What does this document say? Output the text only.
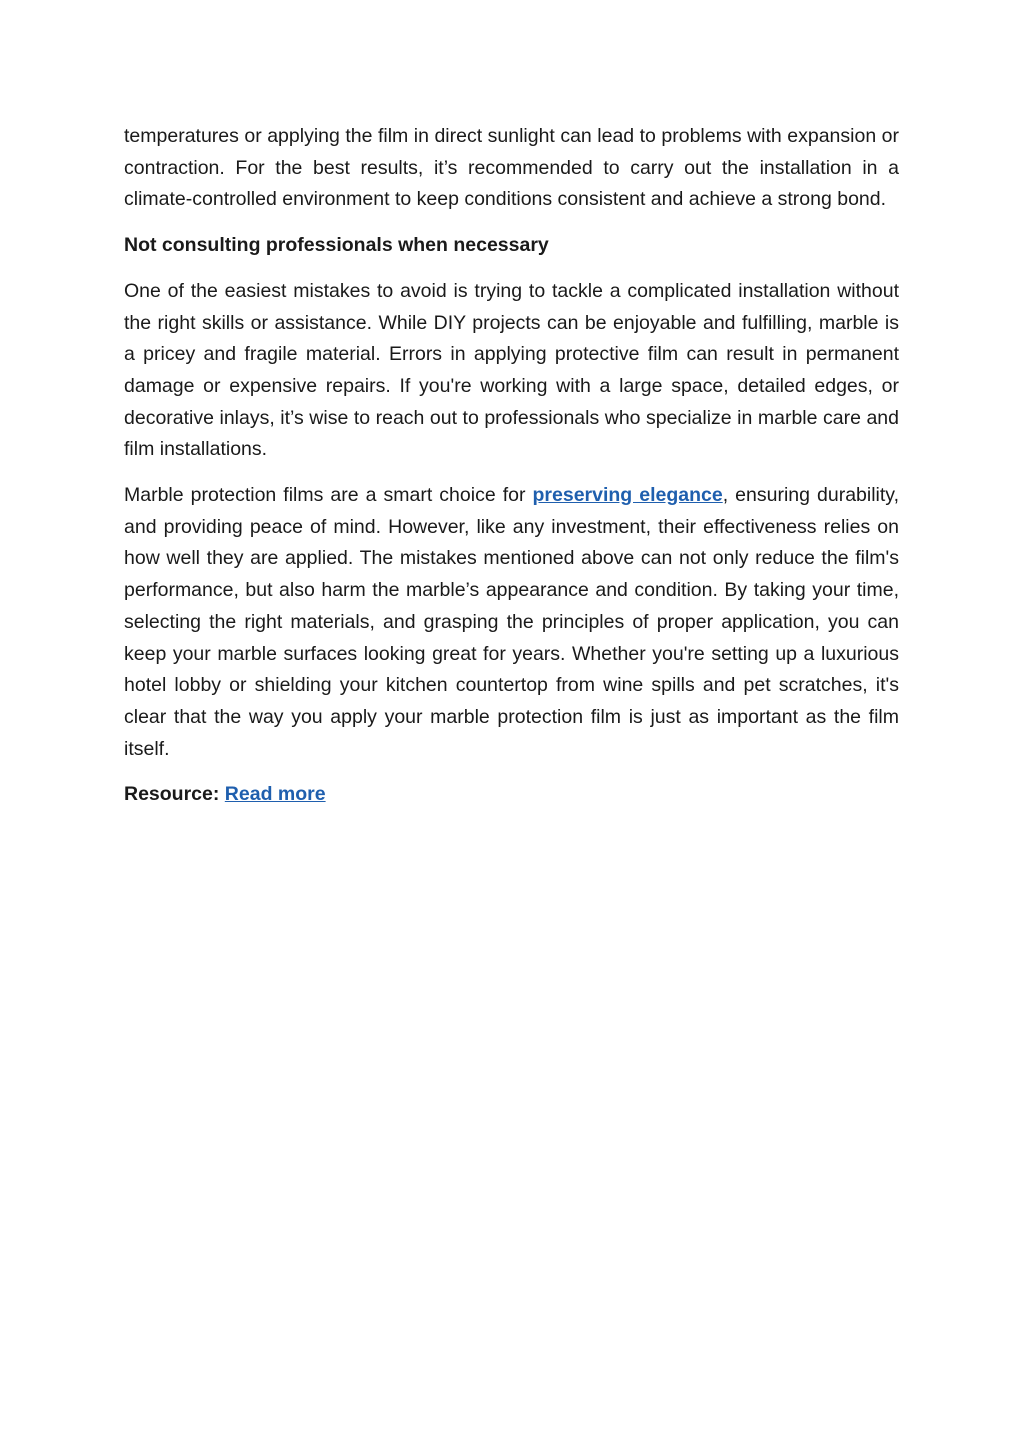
temperatures or applying the film in direct sunlight can lead to problems with expansion or contraction. For the best results, it’s recommended to carry out the installation in a climate-controlled environment to keep conditions consistent and achieve a strong bond.

Not consulting professionals when necessary

One of the easiest mistakes to avoid is trying to tackle a complicated installation without the right skills or assistance. While DIY projects can be enjoyable and fulfilling, marble is a pricey and fragile material. Errors in applying protective film can result in permanent damage or expensive repairs. If you're working with a large space, detailed edges, or decorative inlays, it’s wise to reach out to professionals who specialize in marble care and film installations.

Marble protection films are a smart choice for preserving elegance, ensuring durability, and providing peace of mind. However, like any investment, their effectiveness relies on how well they are applied. The mistakes mentioned above can not only reduce the film's performance, but also harm the marble’s appearance and condition. By taking your time, selecting the right materials, and grasping the principles of proper application, you can keep your marble surfaces looking great for years. Whether you're setting up a luxurious hotel lobby or shielding your kitchen countertop from wine spills and pet scratches, it's clear that the way you apply your marble protection film is just as important as the film itself.

Resource: Read more
